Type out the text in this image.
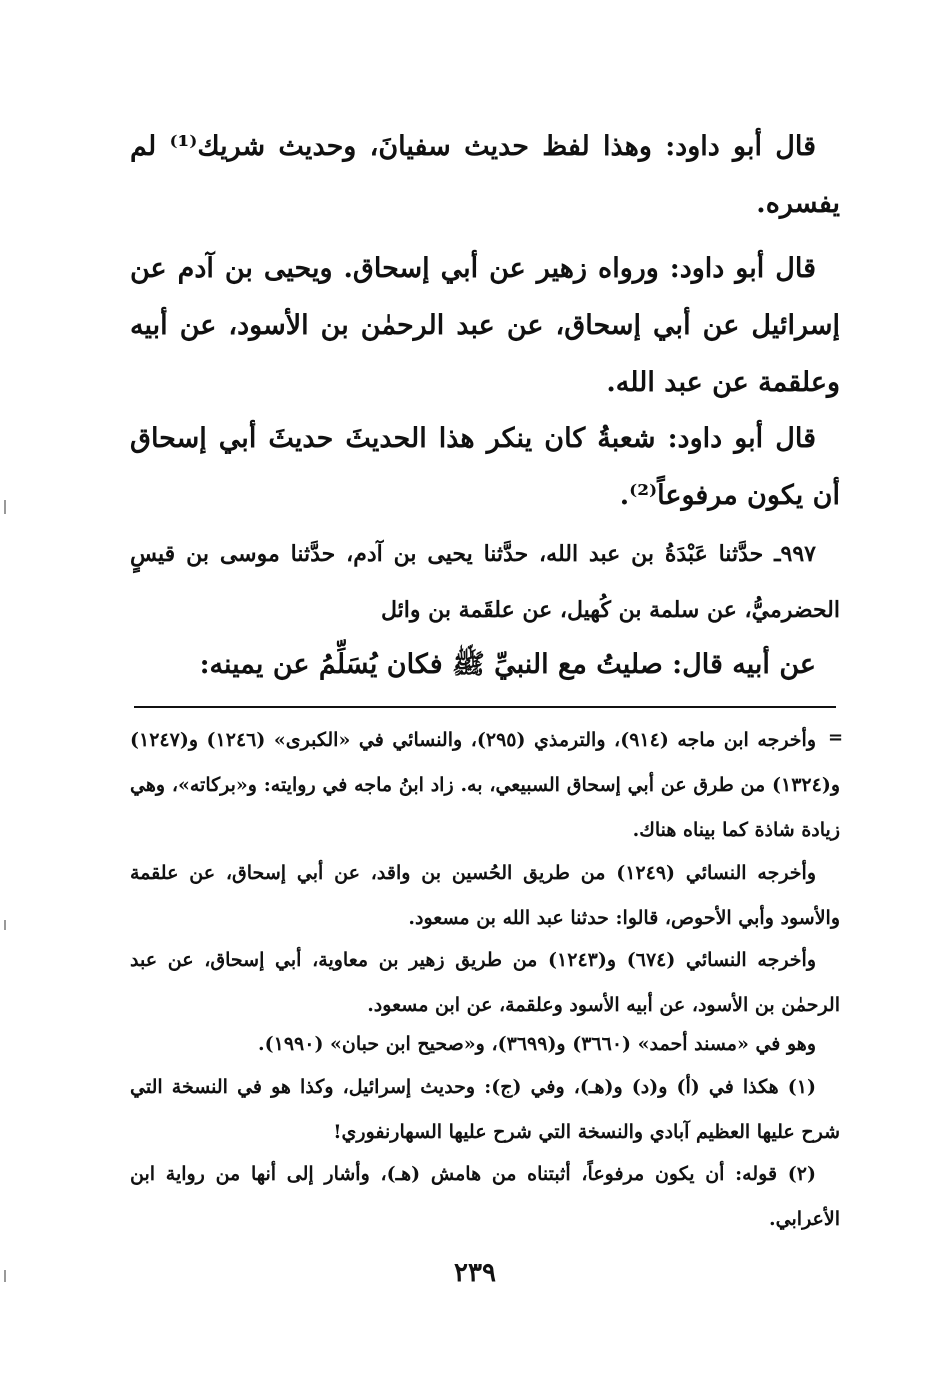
قال أبو داود: وهذا لفظ حديث سفيانَ، وحديث شريك⁽¹⁾ لم يفسره.
قال أبو داود: ورواه زهير عن أبي إسحاق. ويحيى بن آدم عن إسرائيل عن أبي إسحاق، عن عبد الرحمٰن بن الأسود، عن أبيه وعلقمة عن عبد الله.
قال أبو داود: شعبةُ كان ينكر هذا الحديثَ حديثَ أبي إسحاق أن يكون مرفوعاً⁽²⁾.
٩٩٧ـ حدَّثنا عَبْدَةُ بن عبد الله، حدَّثنا يحيى بن آدم، حدَّثنا موسى بن قيسٍ الحضرميُّ، عن سلمة بن كُهيل، عن علقَمة بن وائل
عن أبيه قال: صليتُ مع النبيِّ ﷺ فكان يُسَلِّمُ عن يمينه:
=
وأخرجه ابن ماجه (٩١٤)، والترمذي (٢٩٥)، والنسائي في «الكبرى» (١٢٤٦) و(١٢٤٧) و(١٣٢٤) من طرق عن أبي إسحاق السبيعي، به. زاد ابنُ ماجه في روايته: و«بركاته»، وهي زيادة شاذة كما بيناه هناك.
وأخرجه النسائي (١٢٤٩) من طريق الحُسين بن واقد، عن أبي إسحاق، عن علقمة والأسود وأبي الأحوص، قالوا: حدثنا عبد الله بن مسعود.
وأخرجه النسائي (٦٧٤) و(١٢٤٣) من طريق زهير بن معاوية، أبي إسحاق، عن عبد الرحمٰن بن الأسود، عن أبيه الأسود وعلقمة، عن ابن مسعود.
وهو في «مسند أحمد» (٣٦٦٠) و(٣٦٩٩)، و«صحيح ابن حبان» (١٩٩٠).
(١) هكذا في (أ) و(د) و(هـ)، وفي (ج): وحديث إسرائيل، وكذا هو في النسخة التي شرح عليها العظيم آبادي والنسخة التي شرح عليها السهارنفوري!
(٢) قوله: أن يكون مرفوعاً، أثبتناه من هامش (هـ)، وأشار إلى أنها من رواية ابن الأعرابي.
٢٣٩
